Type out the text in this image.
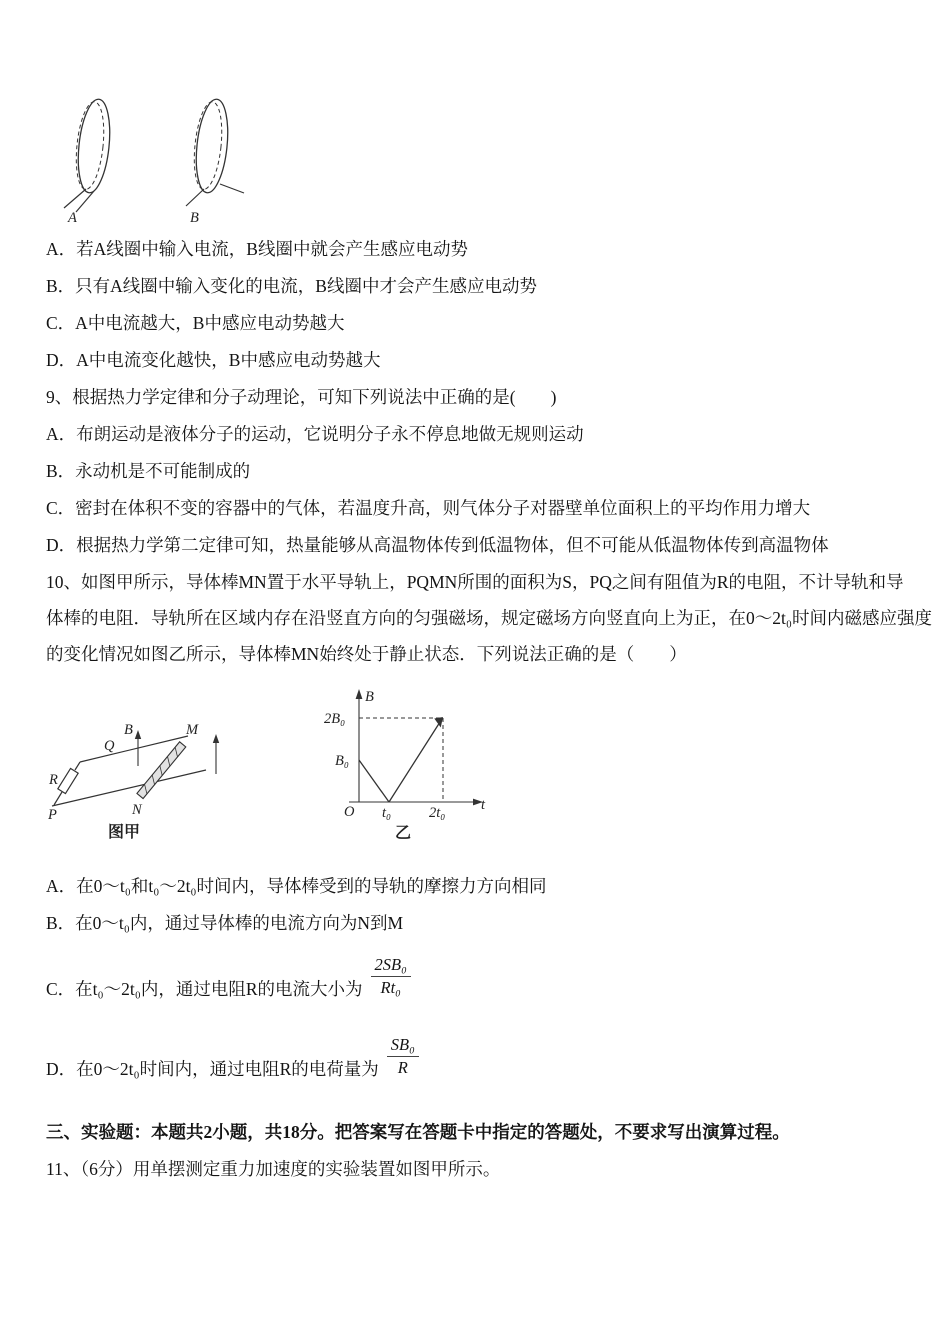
A	B
A．若A线圈中输入电流，B线圈中就会产生感应电动势
B．只有A线圈中输入变化的电流，B线圈中才会产生感应电动势
C．A中电流越大，B中感应电动势越大
D．A中电流变化越快，B中感应电动势越大
9、根据热力学定律和分子动理论，可知下列说法中正确的是(　　)
A．布朗运动是液体分子的运动，它说明分子永不停息地做无规则运动
B．永动机是不可能制成的
C．密封在体积不变的容器中的气体，若温度升高，则气体分子对器壁单位面积上的平均作用力增大
D．根据热力学第二定律可知，热量能够从高温物体传到低温物体，但不可能从低温物体传到高温物体
10、如图甲所示，导体棒MN置于水平导轨上，PQMN所围的面积为S，PQ之间有阻值为R的电阻，不计导轨和导
体棒的电阻．导轨所在区域内存在沿竖直方向的匀强磁场，规定磁场方向竖直向上为正，在0～2t₀时间内磁感应强度
的变化情况如图乙所示，导体棒MN始终处于静止状态．下列说法正确的是（　　）
Q
B	M
R
P	N
图甲
B
t
O
2B₀
B₀
t₀	2t₀
乙
A．在0～t₀和t₀～2t₀时间内，导体棒受到的导轨的摩擦力方向相同
B．在0～t₀内，通过导体棒的电流方向为N到M
C．在t₀～2t₀内，通过电阻R的电流大小为 $\frac{\text{2SB₀}}{\text{Rt₀}}$
D．在0～2t₀时间内，通过电阻R的电荷量为 $\frac{\text{SB₀}}{R}$
三、实验题：本题共2小题，共18分。把答案写在答题卡中指定的答题处，不要求写出演算过程。
11、（6分）用单摆测定重力加速度的实验装置如图甲所示。
